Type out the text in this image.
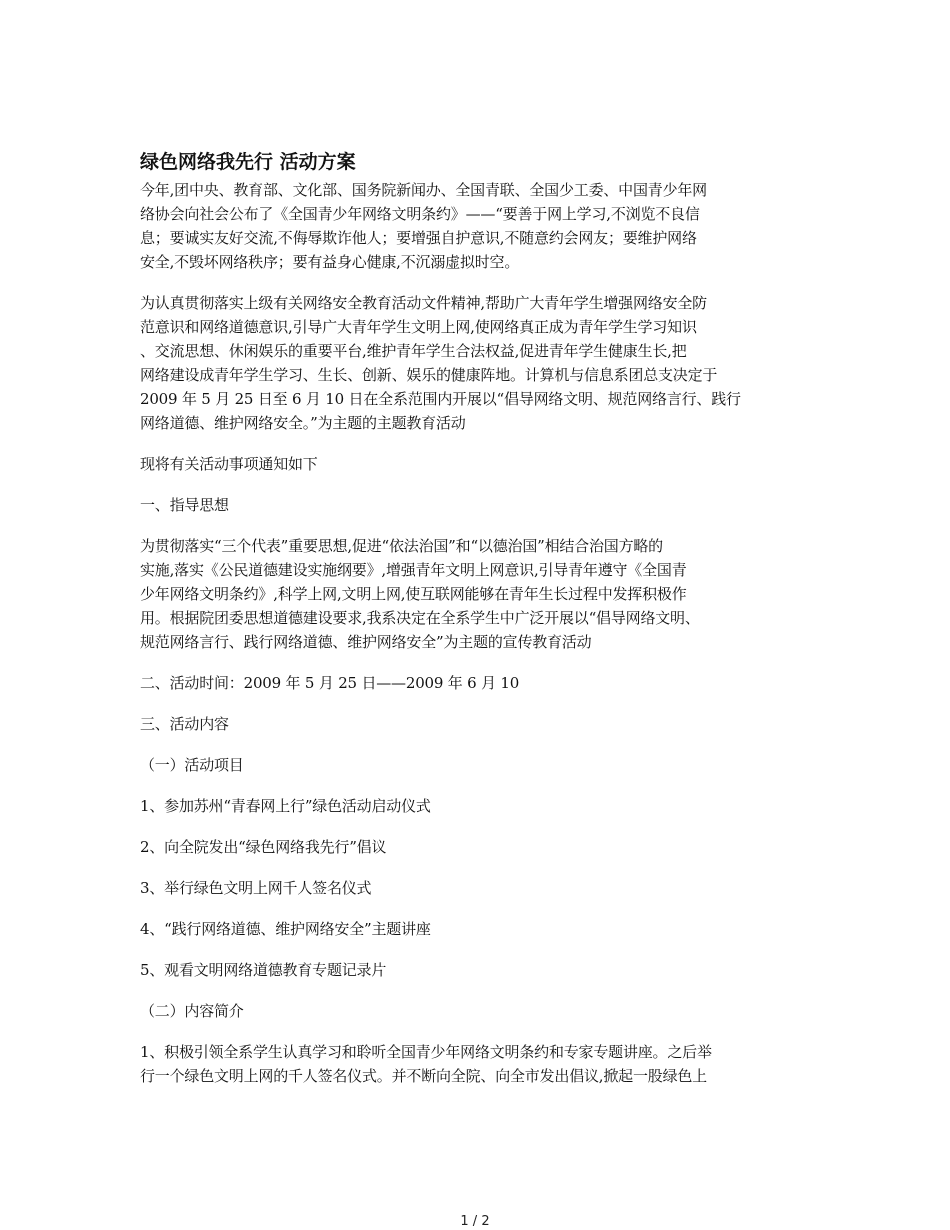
绿色网络我先行 活动方案
今年,团中央、教育部、文化部、国务院新闻办、全国青联、全国少工委、中国青少年网
络协会向社会公布了《全国青少年网络文明条约》——“要善于网上学习,不浏览不良信
息；要诚实友好交流,不侮辱欺诈他人；要增强自护意识,不随意约会网友；要维护网络
安全,不毁坏网络秩序；要有益身心健康,不沉溺虚拟时空。
为认真贯彻落实上级有关网络安全教育活动文件精神,帮助广大青年学生增强网络安全防
范意识和网络道德意识,引导广大青年学生文明上网,使网络真正成为青年学生学习知识
、交流思想、休闲娱乐的重要平台,维护青年学生合法权益,促进青年学生健康生长,把
网络建设成青年学生学习、生长、创新、娱乐的健康阵地。计算机与信息系团总支决定于
2009 年 5 月 25 日至 6 月 10 日在全系范围内开展以“倡导网络文明、规范网络言行、践行
网络道德、维护网络安全。”为主题的主题教育活动
现将有关活动事项通知如下
一、指导思想
为贯彻落实“三个代表”重要思想,促进“依法治国”和“以德治国”相结合治国方略的
实施,落实《公民道德建设实施纲要》,增强青年文明上网意识,引导青年遵守《全国青
少年网络文明条约》,科学上网,文明上网,使互联网能够在青年生长过程中发挥积极作
用。根据院团委思想道德建设要求,我系决定在全系学生中广泛开展以“倡导网络文明、
规范网络言行、践行网络道德、维护网络安全”为主题的宣传教育活动
二、活动时间：2009 年 5 月 25 日——2009 年 6 月 10
三、活动内容
（一）活动项目
1、参加苏州“青春网上行”绿色活动启动仪式
2、向全院发出“绿色网络我先行”倡议
3、举行绿色文明上网千人签名仪式
4、“践行网络道德、维护网络安全”主题讲座
5、观看文明网络道德教育专题记录片
（二）内容简介
1、积极引领全系学生认真学习和聆听全国青少年网络文明条约和专家专题讲座。之后举
行一个绿色文明上网的千人签名仪式。并不断向全院、向全市发出倡议,掀起一股绿色上
1 / 2
